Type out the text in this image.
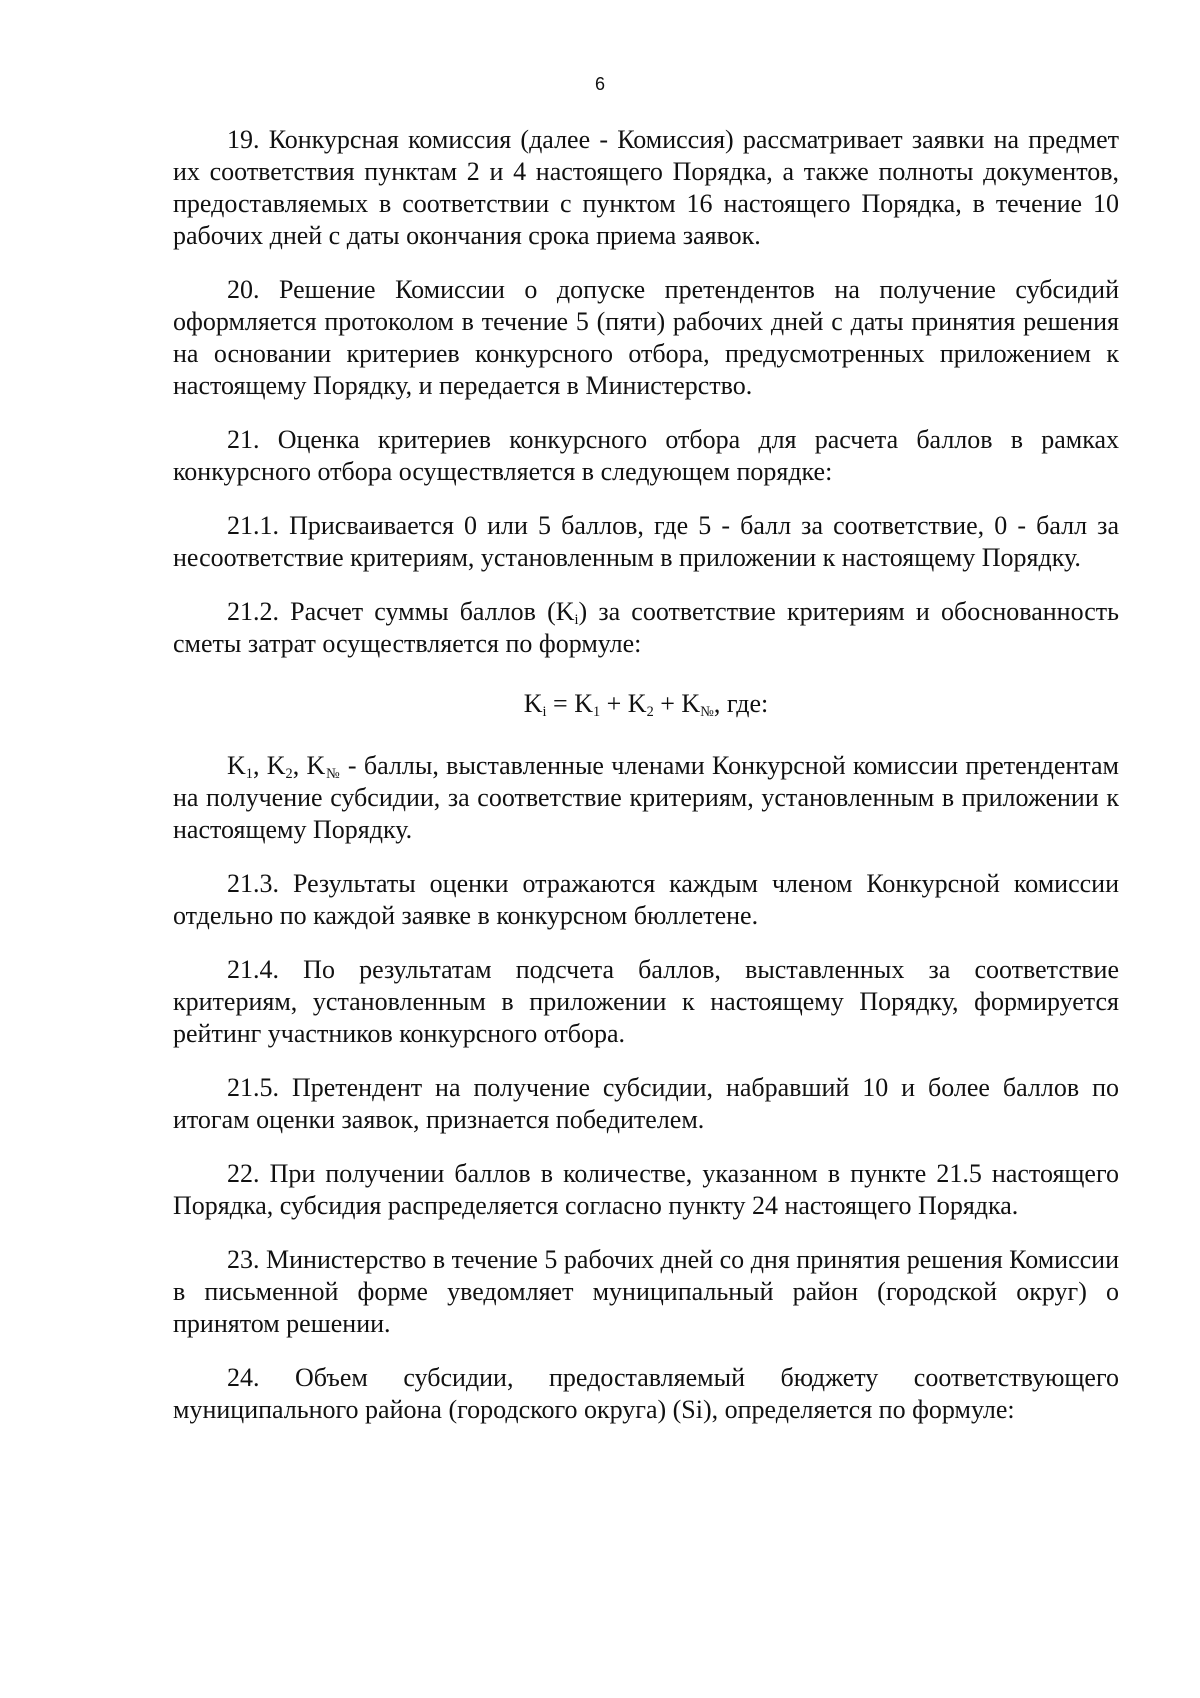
6

19. Конкурсная комиссия (далее - Комиссия) рассматривает заявки на предмет их соответствия пунктам 2 и 4 настоящего Порядка, а также полноты документов, предоставляемых в соответствии с пунктом 16 настоящего Порядка, в течение 10 рабочих дней с даты окончания срока приема заявок.

20. Решение Комиссии о допуске претендентов на получение субсидий оформляется протоколом в течение 5 (пяти) рабочих дней с даты принятия решения на основании критериев конкурсного отбора, предусмотренных приложением к настоящему Порядку, и передается в Министерство.

21. Оценка критериев конкурсного отбора для расчета баллов в рамках конкурсного отбора осуществляется в следующем порядке:

21.1. Присваивается 0 или 5 баллов, где 5 - балл за соответствие, 0 - балл за несоответствие критериям, установленным в приложении к настоящему Порядку.

21.2. Расчет суммы баллов $(K_i)$ за соответствие критериям и обоснованность сметы затрат осуществляется по формуле:

$K_i = K_1 + K_2 + K_№$, где:

$K_1$, $K_2$, $K_№$ - баллы, выставленные членами Конкурсной комиссии претендентам на получение субсидии, за соответствие критериям, установленным в приложении к настоящему Порядку.

21.3. Результаты оценки отражаются каждым членом Конкурсной комиссии отдельно по каждой заявке в конкурсном бюллетене.

21.4. По результатам подсчета баллов, выставленных за соответствие критериям, установленным в приложении к настоящему Порядку, формируется рейтинг участников конкурсного отбора.

21.5. Претендент на получение субсидии, набравший 10 и более баллов по итогам оценки заявок, признается победителем.

22. При получении баллов в количестве, указанном в пункте 21.5 настоящего Порядка, субсидия распределяется согласно пункту 24 настоящего Порядка.

23. Министерство в течение 5 рабочих дней со дня принятия решения Комиссии в письменной форме уведомляет муниципальный район (городской округ) о принятом решении.

24. Объем субсидии, предоставляемый бюджету соответствующего муниципального района (городского округа) (Si), определяется по формуле:
